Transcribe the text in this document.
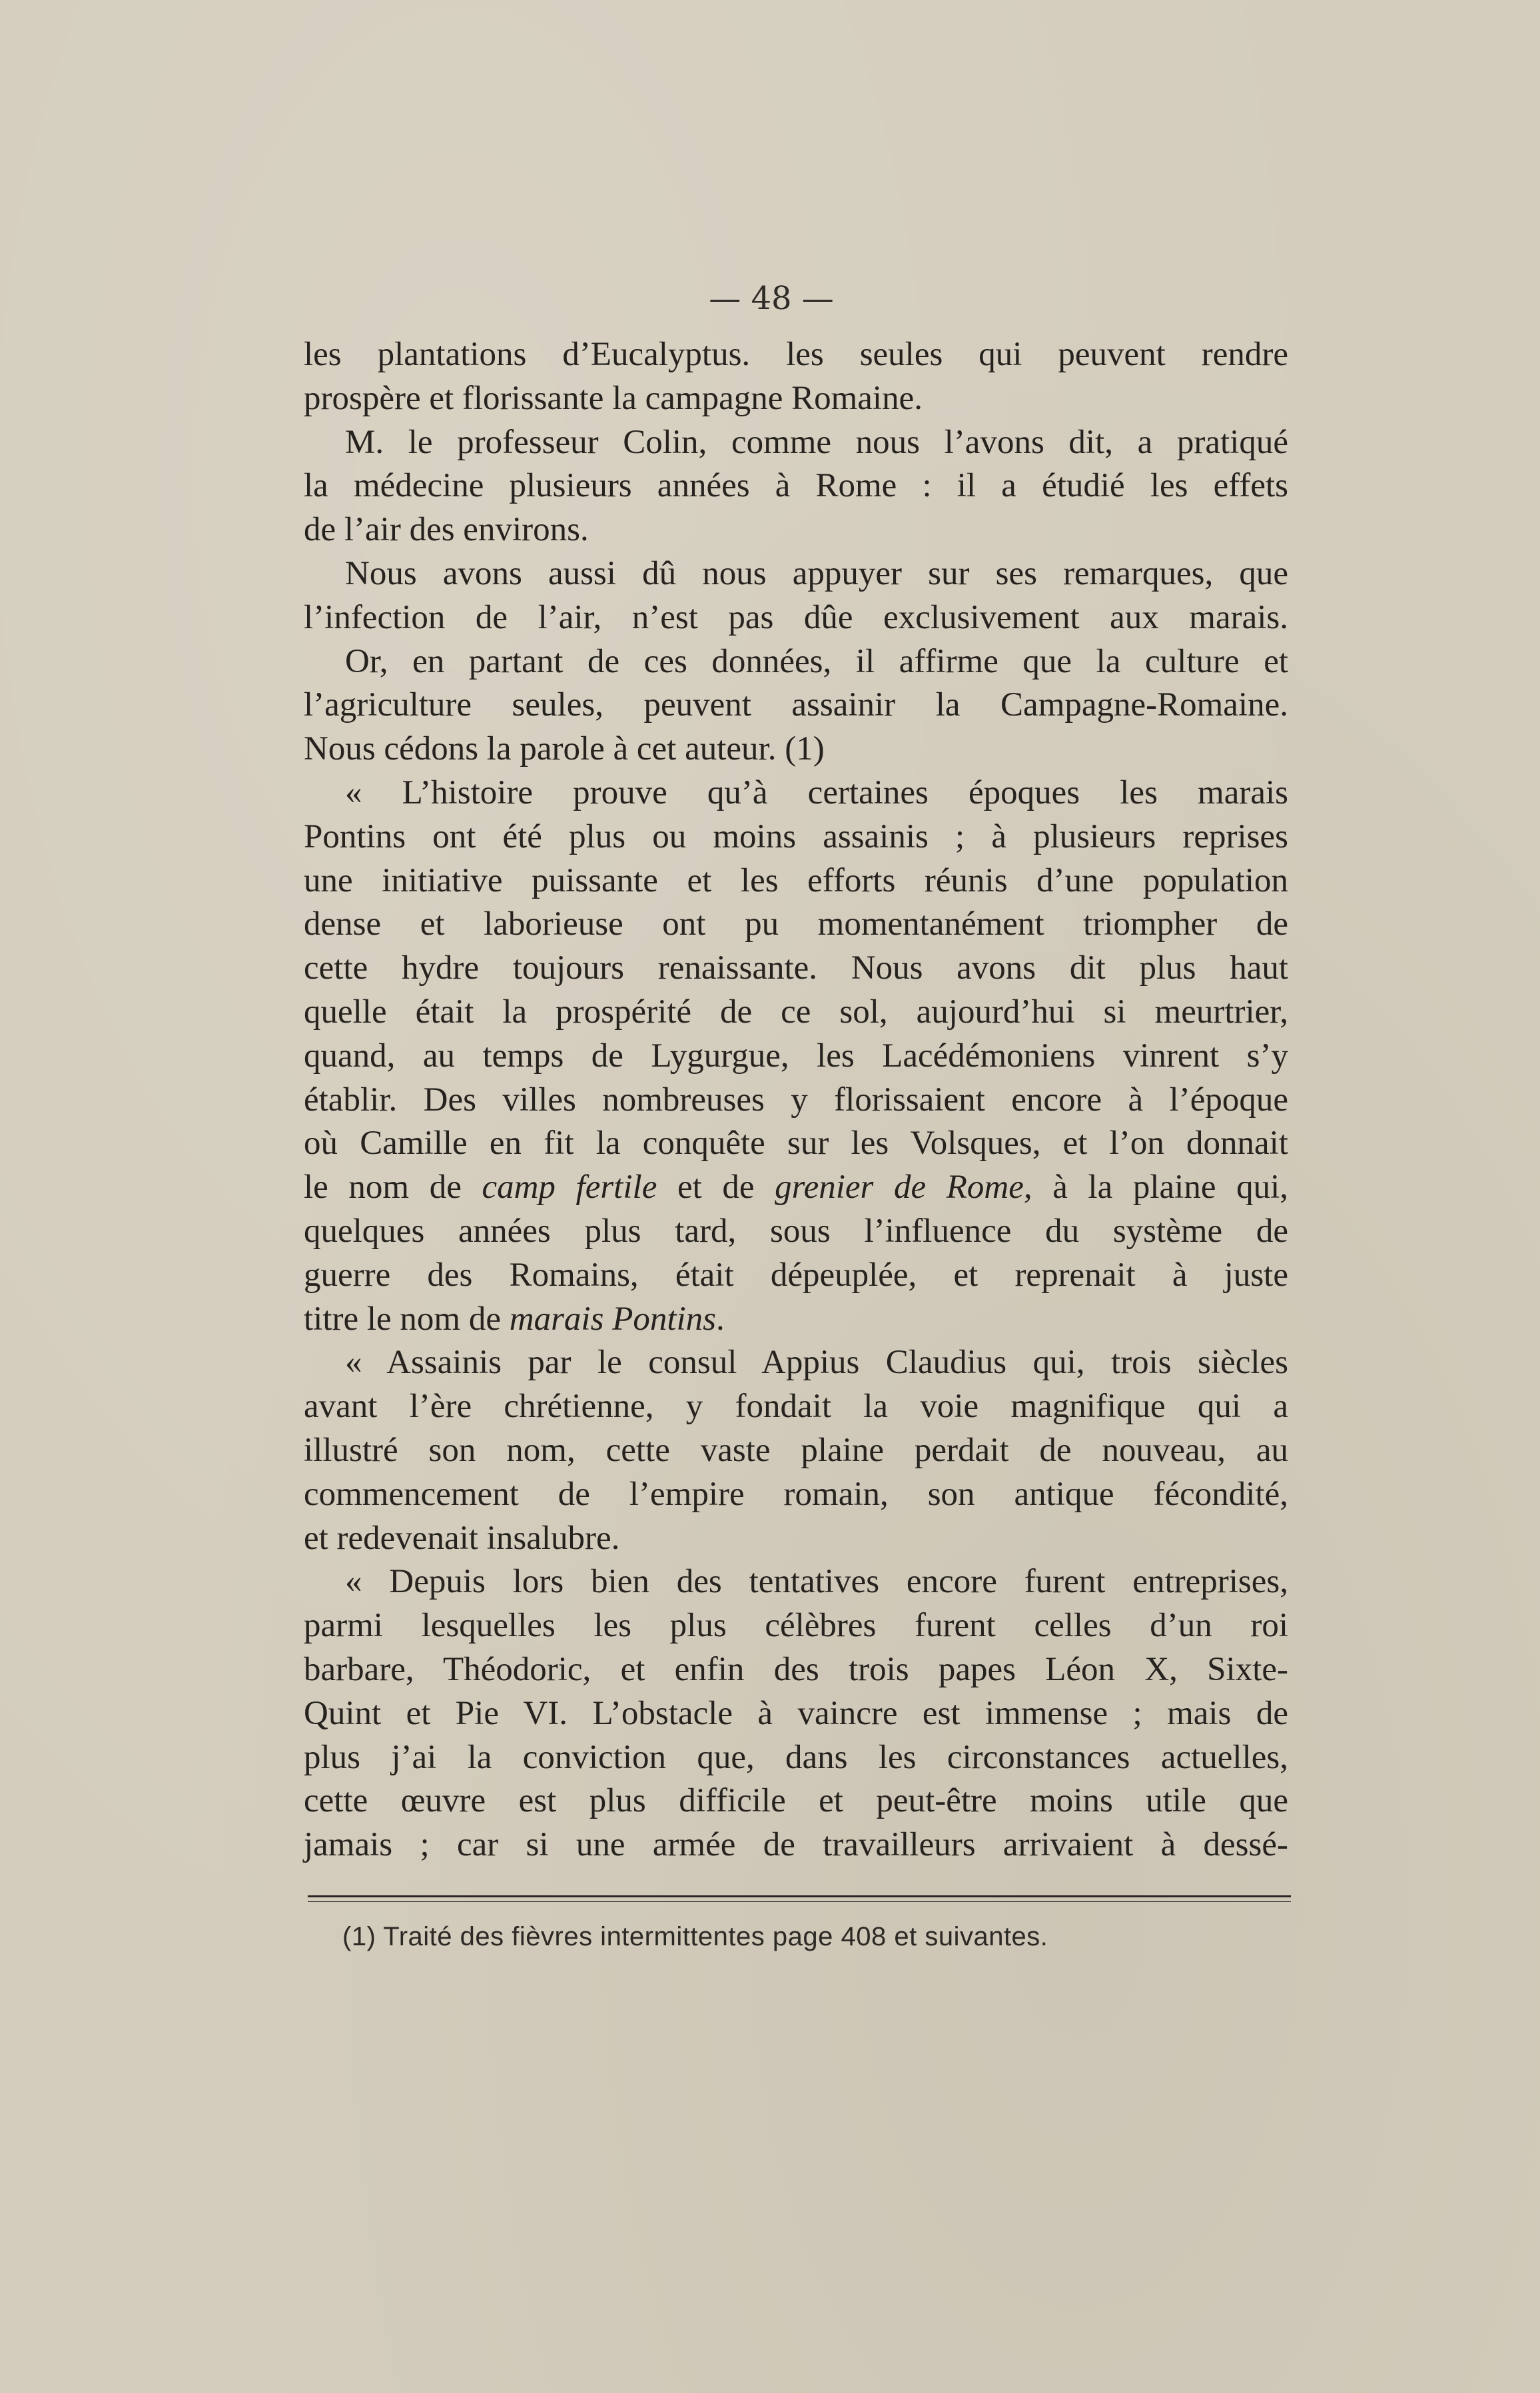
— 48 —
les plantations d’Eucalyptus. les seules qui peuvent rendre
prospère et florissante la campagne Romaine.
M. le professeur Colin, comme nous l’avons dit, a pratiqué
la médecine plusieurs années à Rome : il a étudié les effets
de l’air des environs.
Nous avons aussi dû nous appuyer sur ses remarques, que
l’infection de l’air, n’est pas dûe exclusivement aux marais.
Or, en partant de ces données, il affirme que la culture et
l’agriculture seules, peuvent assainir la Campagne-Romaine.
Nous cédons la parole à cet auteur. (1)
« L’histoire prouve qu’à certaines époques les marais
Pontins ont été plus ou moins assainis ; à plusieurs reprises
une initiative puissante et les efforts réunis d’une population
dense et laborieuse ont pu momentanément triompher de
cette hydre toujours renaissante. Nous avons dit plus haut
quelle était la prospérité de ce sol, aujourd’hui si meurtrier,
quand, au temps de Lygurgue, les Lacédémoniens vinrent s’y
établir. Des villes nombreuses y florissaient encore à l’époque
où Camille en fit la conquête sur les Volsques, et l’on donnait
le nom de camp fertile et de grenier de Rome, à la plaine qui,
quelques années plus tard, sous l’influence du système de
guerre des Romains, était dépeuplée, et reprenait à juste
titre le nom de marais Pontins.
« Assainis par le consul Appius Claudius qui, trois siècles
avant l’ère chrétienne, y fondait la voie magnifique qui a
illustré son nom, cette vaste plaine perdait de nouveau, au
commencement de l’empire romain, son antique fécondité,
et redevenait insalubre.
« Depuis lors bien des tentatives encore furent entreprises,
parmi lesquelles les plus célèbres furent celles d’un roi
barbare, Théodoric, et enfin des trois papes Léon X, Sixte-
Quint et Pie VI. L’obstacle à vaincre est immense ; mais de
plus j’ai la conviction que, dans les circonstances actuelles,
cette œuvre est plus difficile et peut-être moins utile que
jamais ; car si une armée de travailleurs arrivaient à dessé-
(1) Traité des fièvres intermittentes page 408 et suivantes.
